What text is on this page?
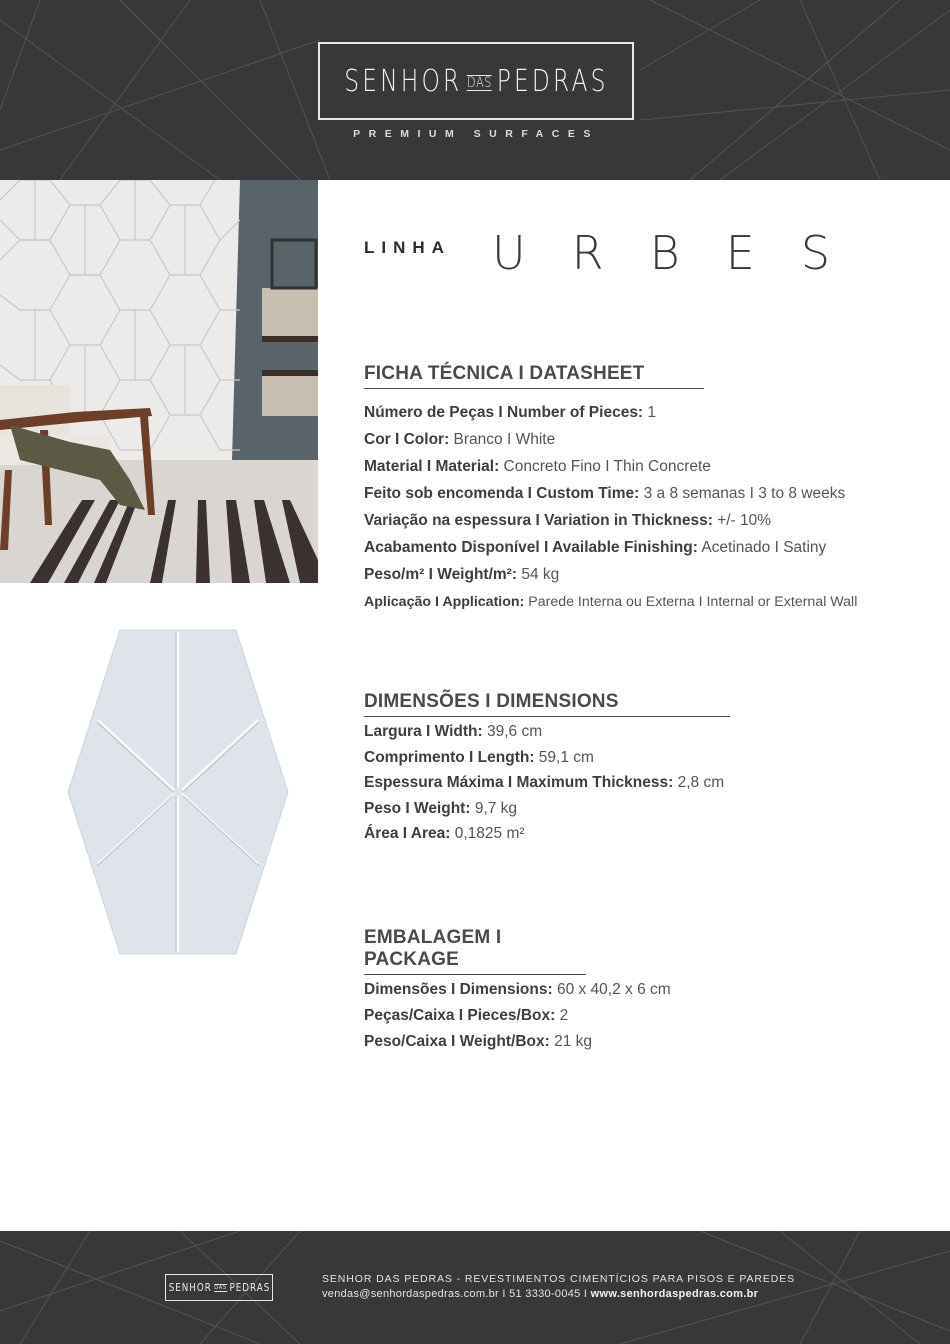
SENHOR DAS PEDRAS
PREMIUM SURFACES
LINHA URBES
FICHA TÉCNICA I DATASHEET
Número de Peças I Number of Pieces: 1
Cor I Color: Branco I White
Material I Material: Concreto Fino I Thin Concrete
Feito sob encomenda I Custom Time: 3 a 8 semanas I 3 to 8 weeks
Variação na espessura I Variation in Thickness: +/- 10%
Acabamento Disponível I Available Finishing: Acetinado I Satiny
Peso/m² I Weight/m²: 54 kg
Aplicação I Application: Parede Interna ou Externa I Internal or External Wall
DIMENSÕES I DIMENSIONS
Largura I Width: 39,6 cm
Comprimento I Length: 59,1 cm
Espessura Máxima I Maximum Thickness: 2,8 cm
Peso I Weight: 9,7 kg
Área I Area: 0,1825 m²
EMBALAGEM I PACKAGE
Dimensões I Dimensions: 60 x 40,2 x 6 cm
Peças/Caixa I Pieces/Box: 2
Peso/Caixa I Weight/Box: 21 kg
SENHOR DAS PEDRAS
SENHOR DAS PEDRAS - REVESTIMENTOS CIMENTÍCIOS PARA PISOS E PAREDES
vendas@senhordaspedras.com.br I 51 3330-0045 I www.senhordaspedras.com.br
